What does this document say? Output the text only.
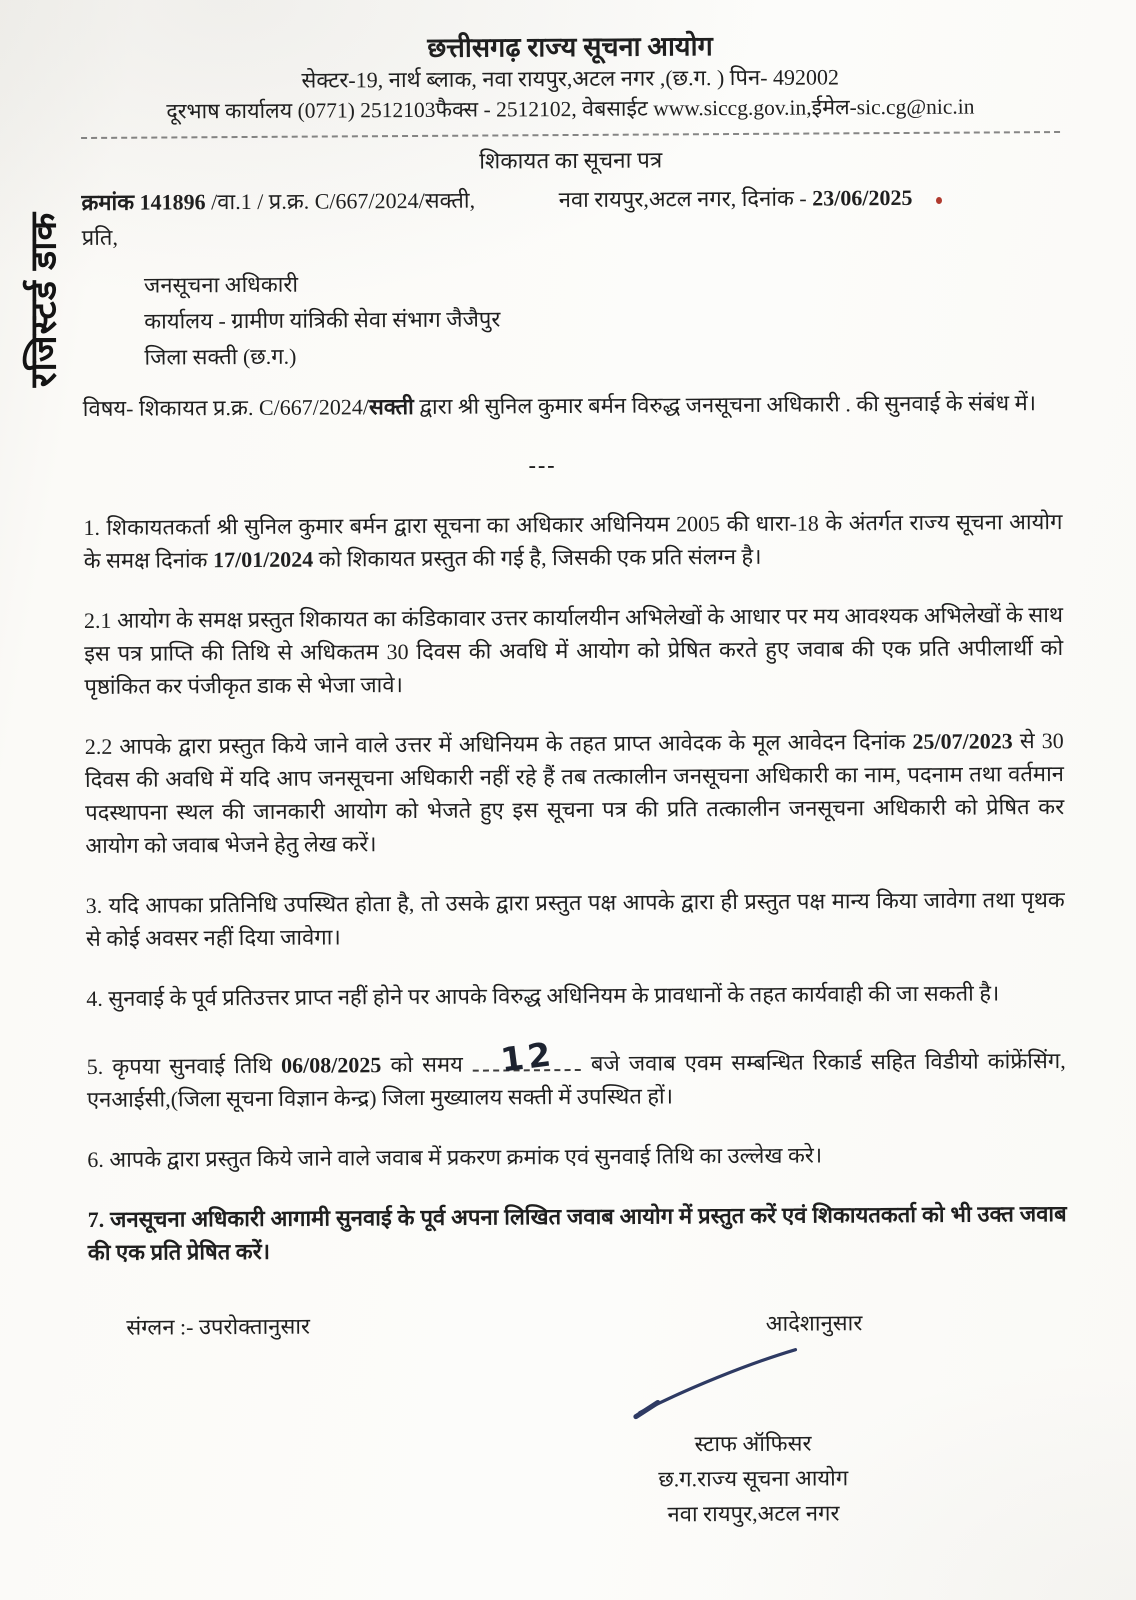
छत्तीसगढ़ राज्य सूचना आयोग
सेक्टर-19, नार्थ ब्लाक, नवा रायपुर,अटल नगर ,(छ.ग. ) पिन- 492002
दूरभाष कार्यालय (0771) 2512103फैक्स - 2512102, वेबसाईट www.siccg.gov.in,ईमेल-sic.cg@nic.in
शिकायत का सूचना पत्र
क्रमांक 141896 /वा.1 / प्र.क्र. C/667/2024/सक्ती,	नवा रायपुर,अटल नगर, दिनांक - 23/06/2025
प्रति,
जनसूचना अधिकारी
कार्यालय - ग्रामीण यांत्रिकी सेवा संभाग जैजैपुर
जिला सक्ती (छ.ग.)
विषय- शिकायत प्र.क्र. C/667/2024/सक्ती द्वारा श्री सुनिल कुमार बर्मन विरुद्ध जनसूचना अधिकारी . की सुनवाई के संबंध में।
---
1. शिकायतकर्ता श्री सुनिल कुमार बर्मन द्वारा सूचना का अधिकार अधिनियम 2005 की धारा-18 के अंतर्गत राज्य सूचना आयोग के समक्ष दिनांक 17/01/2024 को शिकायत प्रस्तुत की गई है, जिसकी एक प्रति संलग्न है।
2.1 आयोग के समक्ष प्रस्तुत शिकायत का कंडिकावार उत्तर कार्यालयीन अभिलेखों के आधार पर मय आवश्यक अभिलेखों के साथ इस पत्र प्राप्ति की तिथि से अधिकतम 30 दिवस की अवधि में आयोग को प्रेषित करते हुए जवाब की एक प्रति अपीलार्थी को पृष्ठांकित कर पंजीकृत डाक से भेजा जावे।
2.2 आपके द्वारा प्रस्तुत किये जाने वाले उत्तर में अधिनियम के तहत प्राप्त आवेदक के मूल आवेदन दिनांक 25/07/2023 से 30 दिवस की अवधि में यदि आप जनसूचना अधिकारी नहीं रहे हैं तब तत्कालीन जनसूचना अधिकारी का नाम, पदनाम तथा वर्तमान पदस्थापना स्थल की जानकारी आयोग को भेजते हुए इस सूचना पत्र की प्रति तत्कालीन जनसूचना अधिकारी को प्रेषित कर आयोग को जवाब भेजने हेतु लेख करें।
3. यदि आपका प्रतिनिधि उपस्थित होता है, तो उसके द्वारा प्रस्तुत पक्ष आपके द्वारा ही प्रस्तुत पक्ष मान्य किया जावेगा तथा पृथक से कोई अवसर नहीं दिया जावेगा।
4. सुनवाई के पूर्व प्रतिउत्तर प्राप्त नहीं होने पर आपके विरुद्ध अधिनियम के प्रावधानों के तहत कार्यवाही की जा सकती है।
5. कृपया सुनवाई तिथि 06/08/2025 को समय 12 बजे जवाब एवम सम्बन्धित रिकार्ड सहित विडीयो कांफ्रेंसिंग, एनआईसी,(जिला सूचना विज्ञान केन्द्र) जिला मुख्यालय सक्ती में उपस्थित हों।
6. आपके द्वारा प्रस्तुत किये जाने वाले जवाब में प्रकरण क्रमांक एवं सुनवाई तिथि का उल्लेख करे।
7. जनसूचना अधिकारी आगामी सुनवाई के पूर्व अपना लिखित जवाब आयोग में प्रस्तुत करें एवं शिकायतकर्ता को भी उक्त जवाब की एक प्रति प्रेषित करें।
संग्लन :- उपरोक्तानुसार	आदेशानुसार
स्टाफ ऑफिसर
छ.ग.राज्य सूचना आयोग
नवा रायपुर,अटल नगर
रजिस्टर्ड डाक
